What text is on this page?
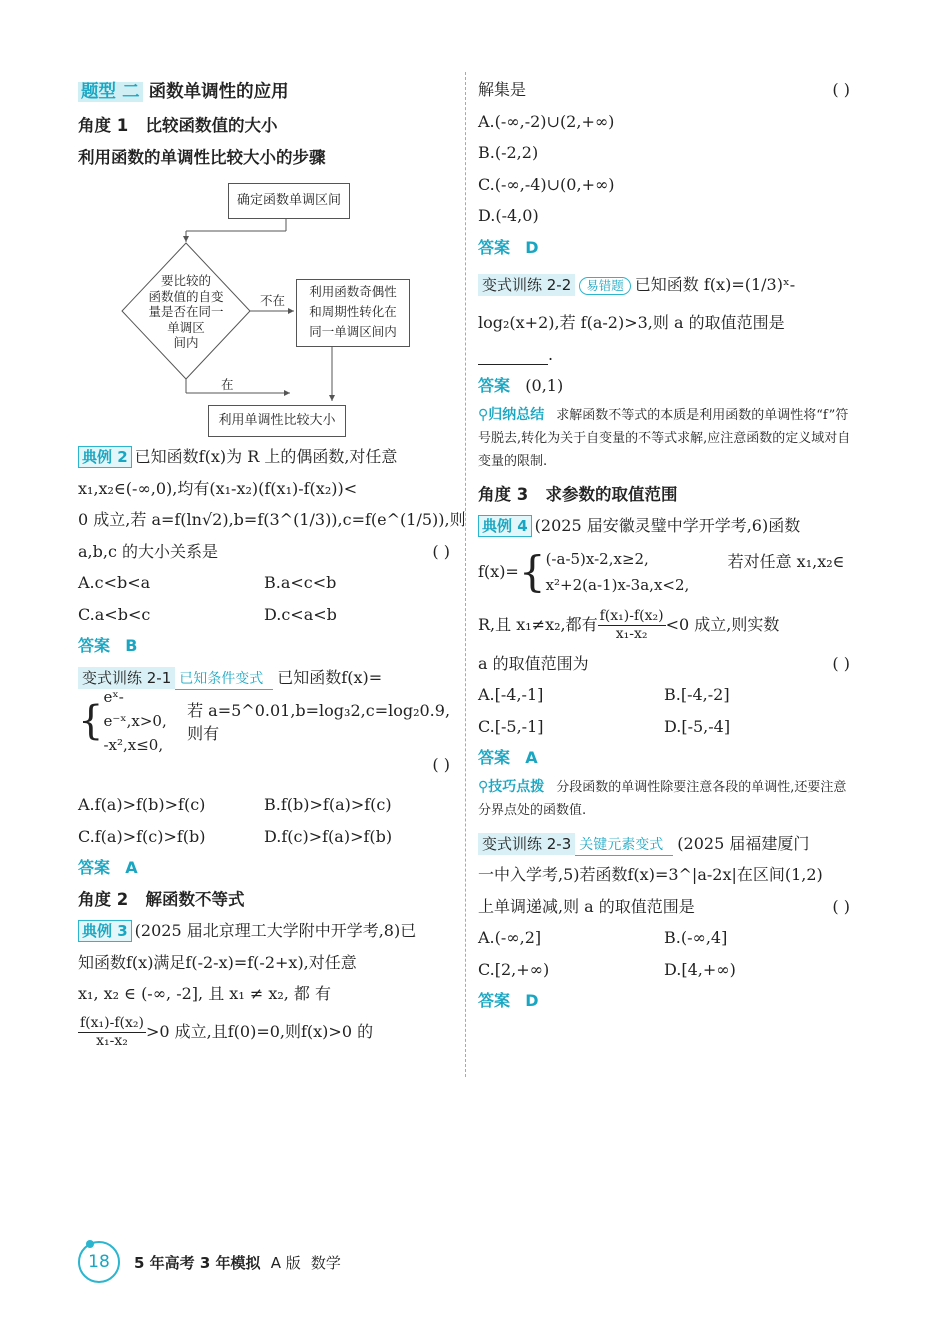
题型 二 函数单调性的应用
角度 1 比较函数值的大小
利用函数的单调性比较大小的步骤
确定函数单调区间
要比较的
函数值的自变
量是否在同一
单调区
间内
不在
利用函数奇偶性
和周期性转化在
同一单调区间内
在
利用单调性比较大小
典例 2 已知函数f(x)为 R 上的偶函数,对任意
x₁,x₂∈(-∞,0),均有(x₁-x₂)(f(x₁)-f(x₂))<
0 成立,若 a=f(ln√2),b=f(3^(1/3)),c=f(e^(1/5)),则
a,b,c 的大小关系是	( )
A.c<b<a	B.a<c<b
C.a<b<c	D.c<a<b
答案 B
变式训练 2-1 已知条件变式 已知函数f(x)=
{
eˣ-e⁻ˣ,x>0,
-x²,x≤0,
若 a=5^0.01,b=log₃2,c=log₂0.9,则有
( )
A.f(a)>f(b)>f(c)	B.f(b)>f(a)>f(c)
C.f(a)>f(c)>f(b)	D.f(c)>f(a)>f(b)
答案 A
角度 2 解函数不等式
典例 3 (2025 届北京理工大学附中开学考,8)已
知函数f(x)满足f(-2-x)=f(-2+x),对任意
x₁, x₂ ∈ (-∞, -2], 且 x₁ ≠ x₂, 都 有
$\frac{\text{f(x₁)-f(x₂)}}{\text{x₁-x₂}} >0$ 成立,且f(0)=0,则f(x)>0 的
解集是	( )
A.(-∞,-2)∪(2,+∞)
B.(-2,2)
C.(-∞,-4)∪(0,+∞)
D.(-4,0)
答案 D
变式训练 2-2 易错题 已知函数 f(x)=(1/3)ˣ-
log₂(x+2),若 f(a-2)>3,则 a 的取值范围是
.
答案 (0,1)
⚲归纳总结 求解函数不等式的本质是利用函数的单调性将“f”符号脱去,转化为关于自变量的不等式求解,应注意函数的定义域对自变量的限制.
角度 3 求参数的取值范围
典例 4 (2025 届安徽灵璧中学开学考,6)函数
f(x)= { (-a-5)x-2,x≥2,
x²+2(a-1)x-3a,x<2,
若对任意 x₁,x₂∈
R,且 x₁≠x₂,都有 $\frac{\text{f(x₁)-f(x₂)}}{\text{x₁-x₂}} <0$ 成立,则实数
a 的取值范围为	( )
A.[-4,-1]	B.[-4,-2]
C.[-5,-1]	D.[-5,-4]
答案 A
⚲技巧点拨 分段函数的单调性除要注意各段的单调性,还要注意分界点处的函数值.
变式训练 2-3 关键元素变式 (2025 届福建厦门
一中入学考,5)若函数f(x)=3^|a-2x|在区间(1,2)
上单调递减,则 a 的取值范围是	( )
A.(-∞,2]	B.(-∞,4]
C.[2,+∞)	D.[4,+∞)
答案 D
18	5 年高考 3 年模拟
A 版
数学
